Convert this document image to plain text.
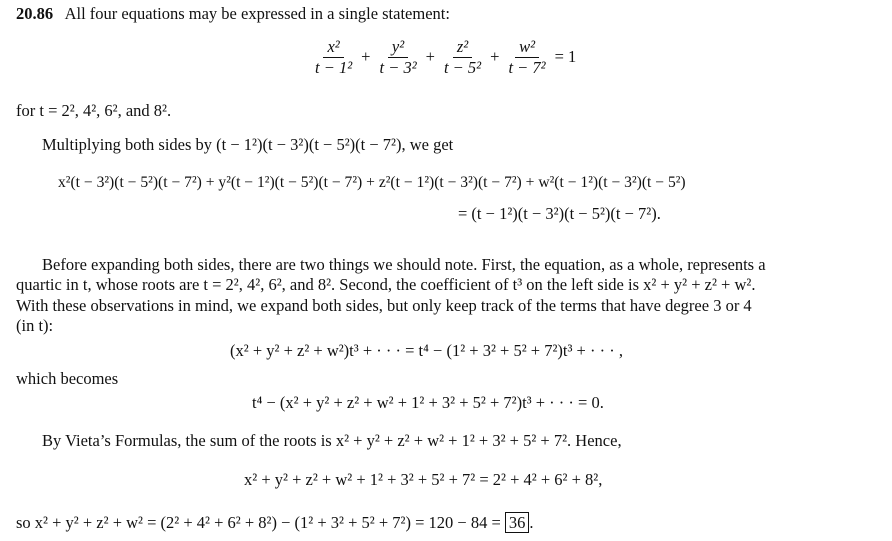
20.86 All four equations may be expressed in a single statement:
$\frac{\text{x²}}{\text{t − 1²}} + \frac{\text{y²}}{\text{t − 3²}} + \frac{\text{z²}}{\text{t − 5²}} + \frac{\text{w²}}{\text{t − 7²}} = 1$
for t = 2², 4², 6², and 8².
Multiplying both sides by (t − 1²)(t − 3²)(t − 5²)(t − 7²), we get
x²(t − 3²)(t − 5²)(t − 7²) + y²(t − 1²)(t − 5²)(t − 7²) + z²(t − 1²)(t − 3²)(t − 7²) + w²(t − 1²)(t − 3²)(t − 5²)
= (t − 1²)(t − 3²)(t − 5²)(t − 7²).
Before expanding both sides, there are two things we should note. First, the equation, as a whole, represents a
quartic in t, whose roots are t = 2², 4², 6², and 8². Second, the coefficient of t³ on the left side is x² + y² + z² + w².
With these observations in mind, we expand both sides, but only keep track of the terms that have degree 3 or 4
(in t):
(x² + y² + z² + w²)t³ + · · · = t⁴ − (1² + 3² + 5² + 7²)t³ + · · · ,
which becomes
t⁴ − (x² + y² + z² + w² + 1² + 3² + 5² + 7²)t³ + · · · = 0.
By Vieta’s Formulas, the sum of the roots is x² + y² + z² + w² + 1² + 3² + 5² + 7². Hence,
x² + y² + z² + w² + 1² + 3² + 5² + 7² = 2² + 4² + 6² + 8²,
so x² + y² + z² + w² = (2² + 4² + 6² + 8²) − (1² + 3² + 5² + 7²) = 120 − 84 = 36 .
